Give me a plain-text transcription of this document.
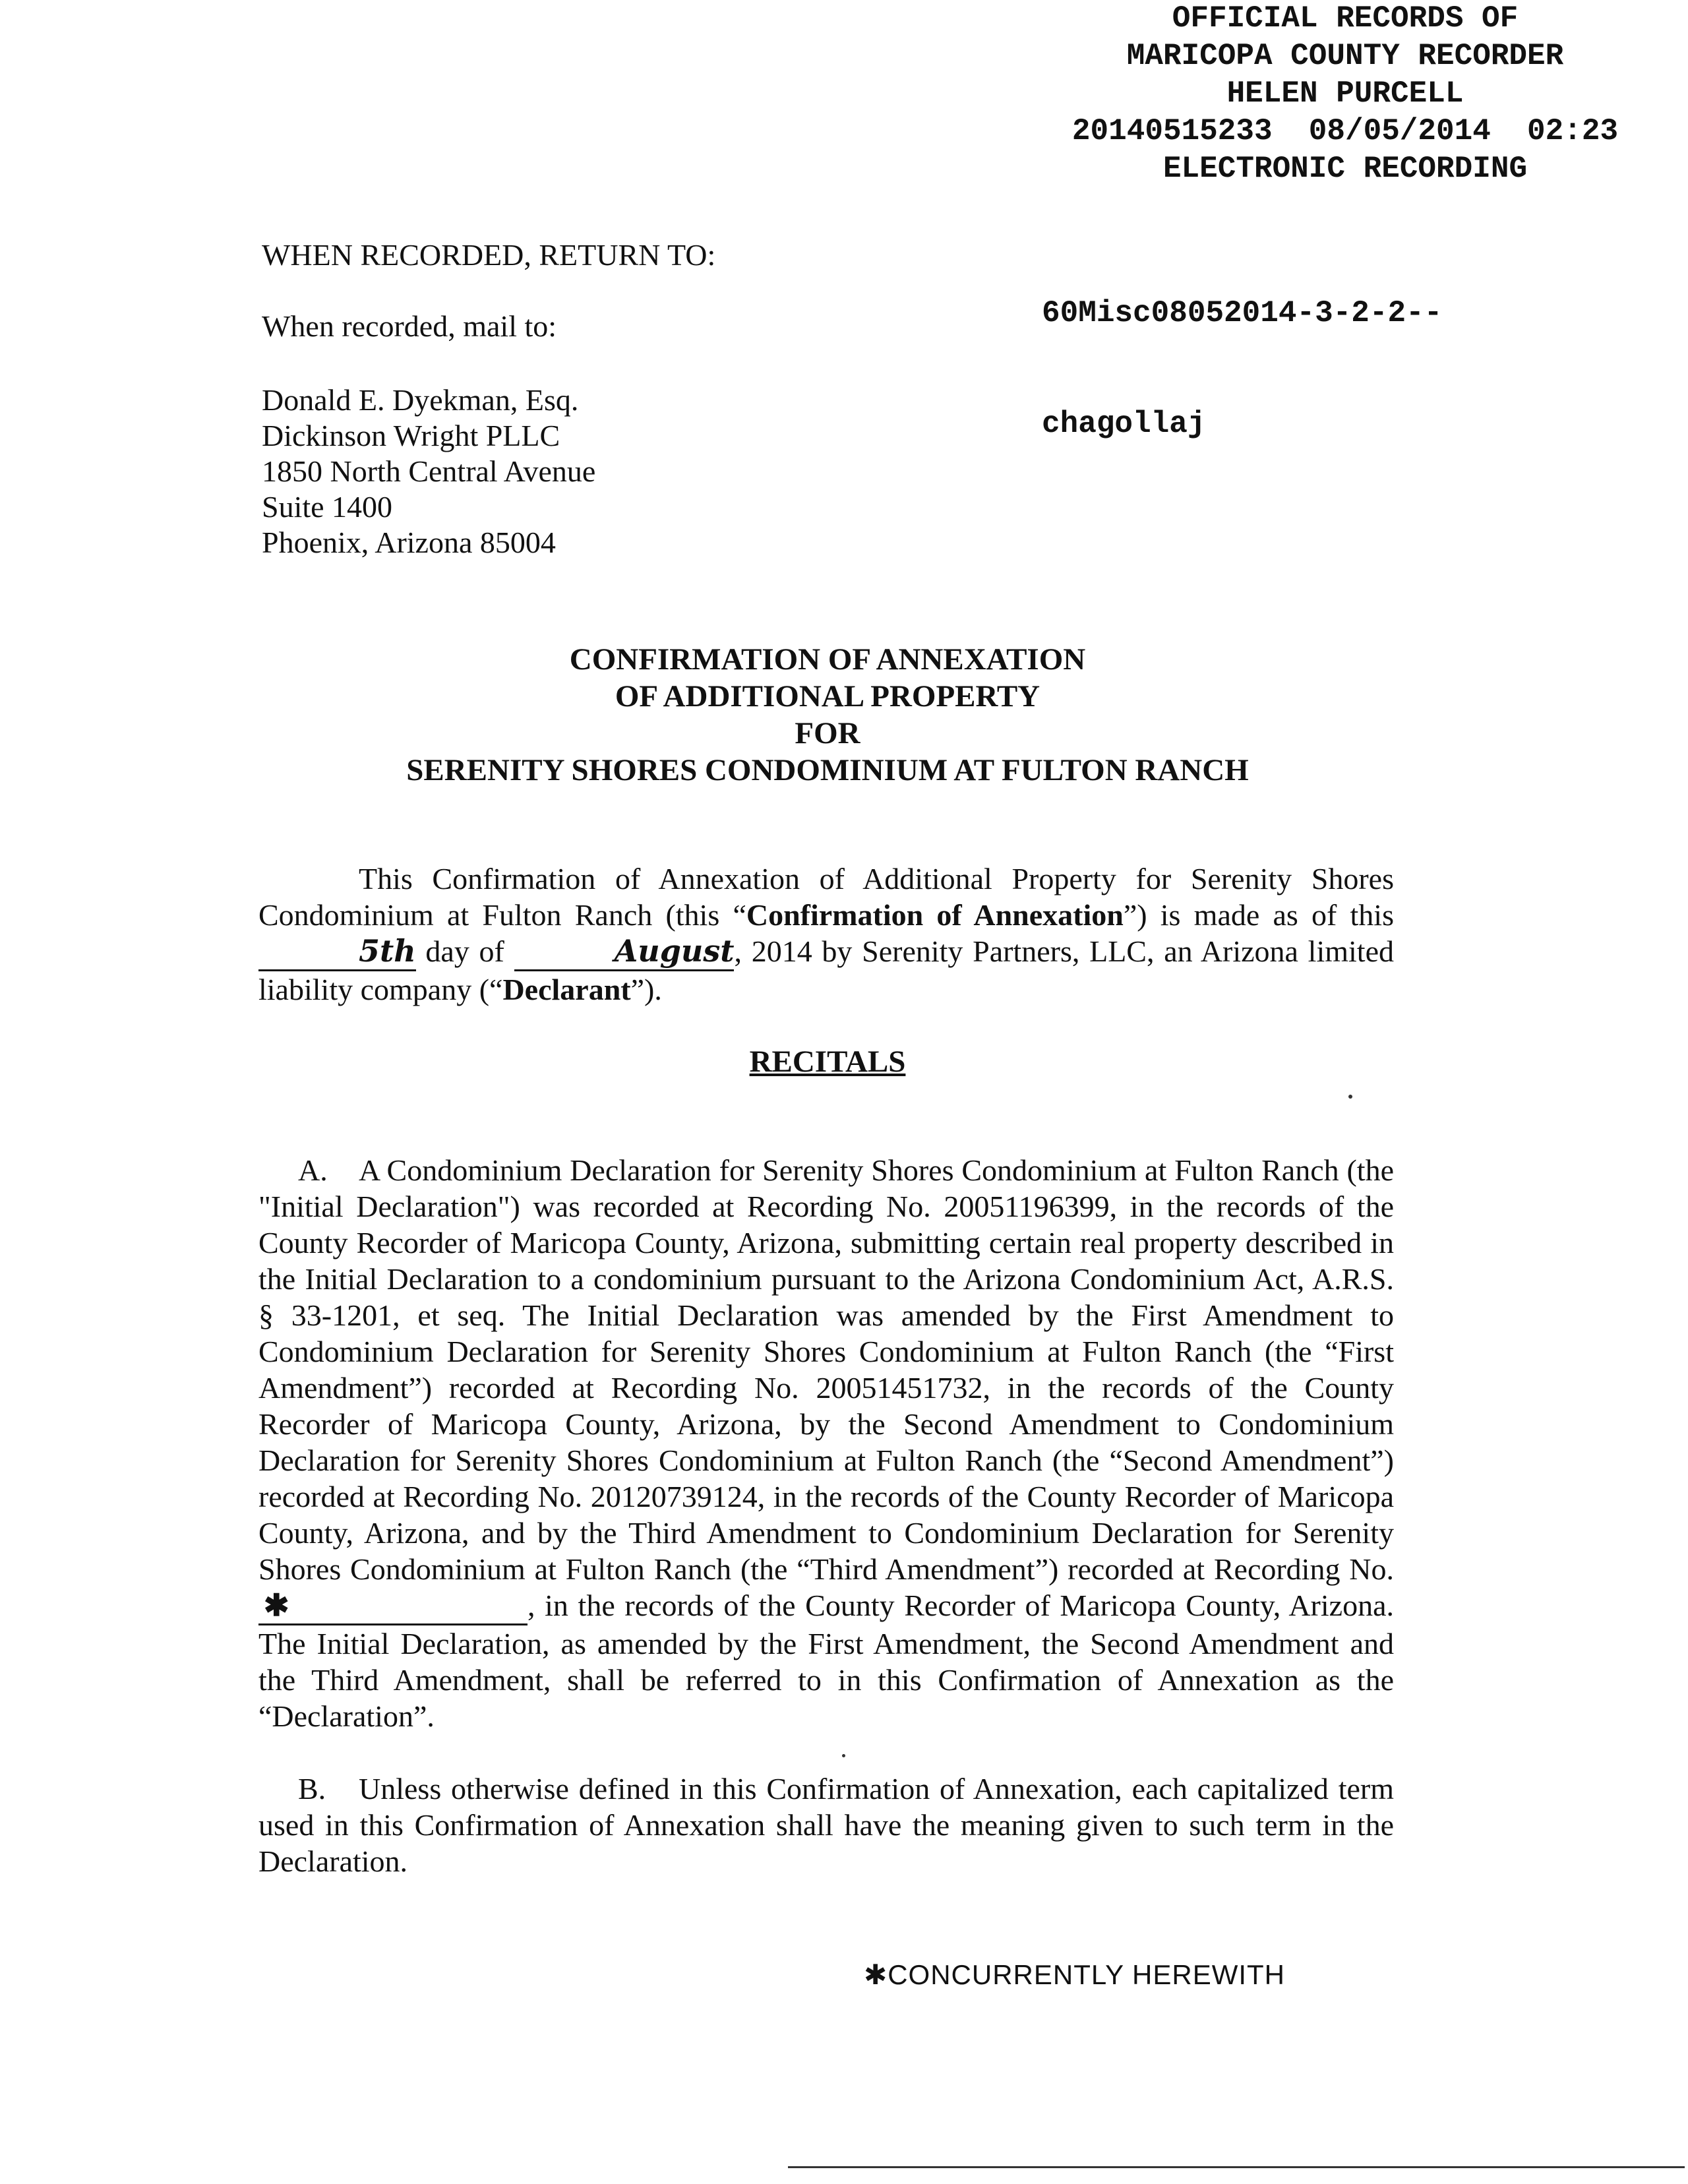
OFFICIAL RECORDS OF
MARICOPA COUNTY RECORDER
HELEN PURCELL
20140515233  08/05/2014  02:23
ELECTRONIC RECORDING

60Misc08052014-3-2-2--

chagollaj

WHEN RECORDED, RETURN TO:
When recorded, mail to:
Donald E. Dyekman, Esq.
Dickinson Wright PLLC
1850 North Central Avenue
Suite 1400
Phoenix, Arizona 85004
CONFIRMATION OF ANNEXATION
OF ADDITIONAL PROPERTY
FOR
SERENITY SHORES CONDOMINIUM AT FULTON RANCH
This Confirmation of Annexation of Additional Property for Serenity Shores Condominium at Fulton Ranch (this “Confirmation of Annexation”) is made as of this 5th day of	August, 2014 by Serenity Partners, LLC, an Arizona limited liability company (“Declarant”).
RECITALS
A. A Condominium Declaration for Serenity Shores Condominium at Fulton Ranch (the "Initial Declaration") was recorded at Recording No. 20051196399, in the records of the County Recorder of Maricopa County, Arizona, submitting certain real property described in the Initial Declaration to a condominium pursuant to the Arizona Condominium Act, A.R.S. § 33-1201, et seq. The Initial Declaration was amended by the First Amendment to Condominium Declaration for Serenity Shores Condominium at Fulton Ranch (the “First Amendment”) recorded at Recording No. 20051451732, in the records of the County Recorder of Maricopa County, Arizona, by the Second Amendment to Condominium Declaration for Serenity Shores Condominium at Fulton Ranch (the “Second Amendment”) recorded at Recording No. 20120739124, in the records of the County Recorder of Maricopa County, Arizona, and by the Third Amendment to Condominium Declaration for Serenity Shores Condominium at Fulton Ranch (the “Third Amendment”) recorded at Recording No. ✱	, in the records of the County Recorder of Maricopa County, Arizona. The Initial Declaration, as amended by the First Amendment, the Second Amendment and the Third Amendment, shall be referred to in this Confirmation of Annexation as the “Declaration”.
B. Unless otherwise defined in this Confirmation of Annexation, each capitalized term used in this Confirmation of Annexation shall have the meaning given to such term in the Declaration.
✱CONCURRENTLY HEREWITH
